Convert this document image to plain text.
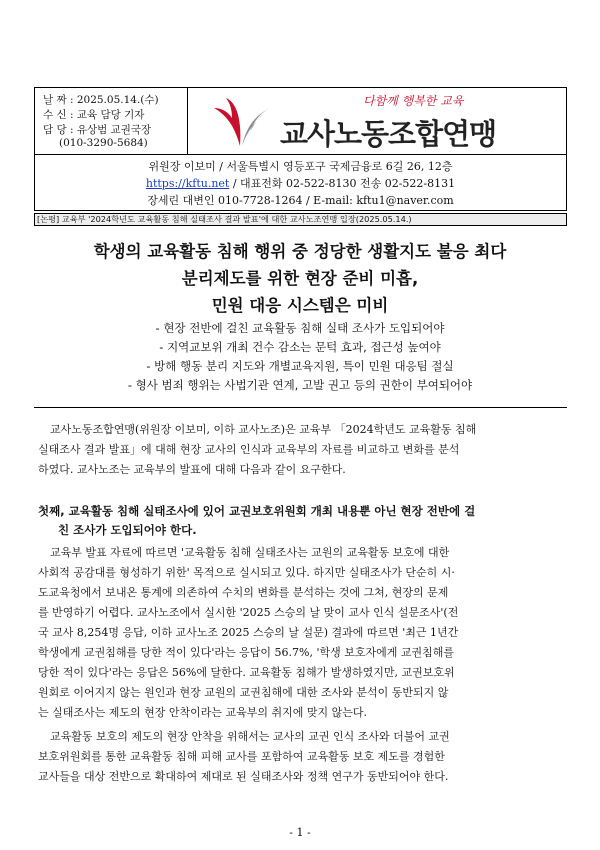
날 짜 : 2025.05.14.(수)
수 신 : 교육 담당 기자
담 당 : 유상범 교권국장
(010-3290-5684)
다함께 행복한 교육
교사노동조합연맹
위원장 이보미 / 서울특별시 영등포구 국제금융로 6길 26, 12층
https://kftu.net / 대표전화 02-522-8130 전송 02-522-8131
장세린 대변인 010-7728-1264 / E-mail: kftu1@naver.com
[논평] 교육부 '2024학년도 교육활동 침해 실태조사 결과 발표'에 대한 교사노조연맹 입장(2025.05.14.)
학생의 교육활동 침해 행위 중 정당한 생활지도 불응 최다
분리제도를 위한 현장 준비 미흡,
민원 대응 시스템은 미비
- 현장 전반에 걸친 교육활동 침해 실태 조사가 도입되어야
- 지역교보위 개최 건수 감소는 문턱 효과, 접근성 높여야
- 방해 행동 분리 지도와 개별교육지원, 특이 민원 대응팀 절실
- 형사 범죄 행위는 사법기관 연계, 고발 권고 등의 권한이 부여되어야
교사노동조합연맹(위원장 이보미, 이하 교사노조)은 교육부 「2024학년도 교육활동 침해
실태조사 결과 발표」에 대해 현장 교사의 인식과 교육부의 자료를 비교하고 변화를 분석
하였다. 교사노조는 교육부의 발표에 대해 다음과 같이 요구한다.
첫째, 교육활동 침해 실태조사에 있어 교권보호위원회 개최 내용뿐 아닌 현장 전반에 걸
친 조사가 도입되어야 한다.
교육부 발표 자료에 따르면 '교육활동 침해 실태조사는 교원의 교육활동 보호에 대한
사회적 공감대를 형성하기 위한' 목적으로 실시되고 있다. 하지만 실태조사가 단순히 시·
도교육청에서 보내온 통계에 의존하여 수치의 변화를 분석하는 것에 그쳐, 현장의 문제
를 반영하기 어렵다. 교사노조에서 실시한 '2025 스승의 날 맞이 교사 인식 설문조사'(전
국 교사 8,254명 응답, 이하 교사노조 2025 스승의 날 설문) 결과에 따르면 '최근 1년간
학생에게 교권침해를 당한 적이 있다'라는 응답이 56.7%, '학생 보호자에게 교권침해를
당한 적이 있다'라는 응답은 56%에 달한다. 교육활동 침해가 발생하였지만, 교권보호위
원회로 이어지지 않는 원인과 현장 교원의 교권침해에 대한 조사와 분석이 동반되지 않
는 실태조사는 제도의 현장 안착이라는 교육부의 취지에 맞지 않는다.
교육활동 보호의 제도의 현장 안착을 위해서는 교사의 교권 인식 조사와 더불어 교권
보호위원회를 통한 교육활동 침해 피해 교사를 포함하여 교육활동 보호 제도를 경험한
교사들을 대상 전반으로 확대하여 제대로 된 실태조사와 정책 연구가 동반되어야 한다.
- 1 -
